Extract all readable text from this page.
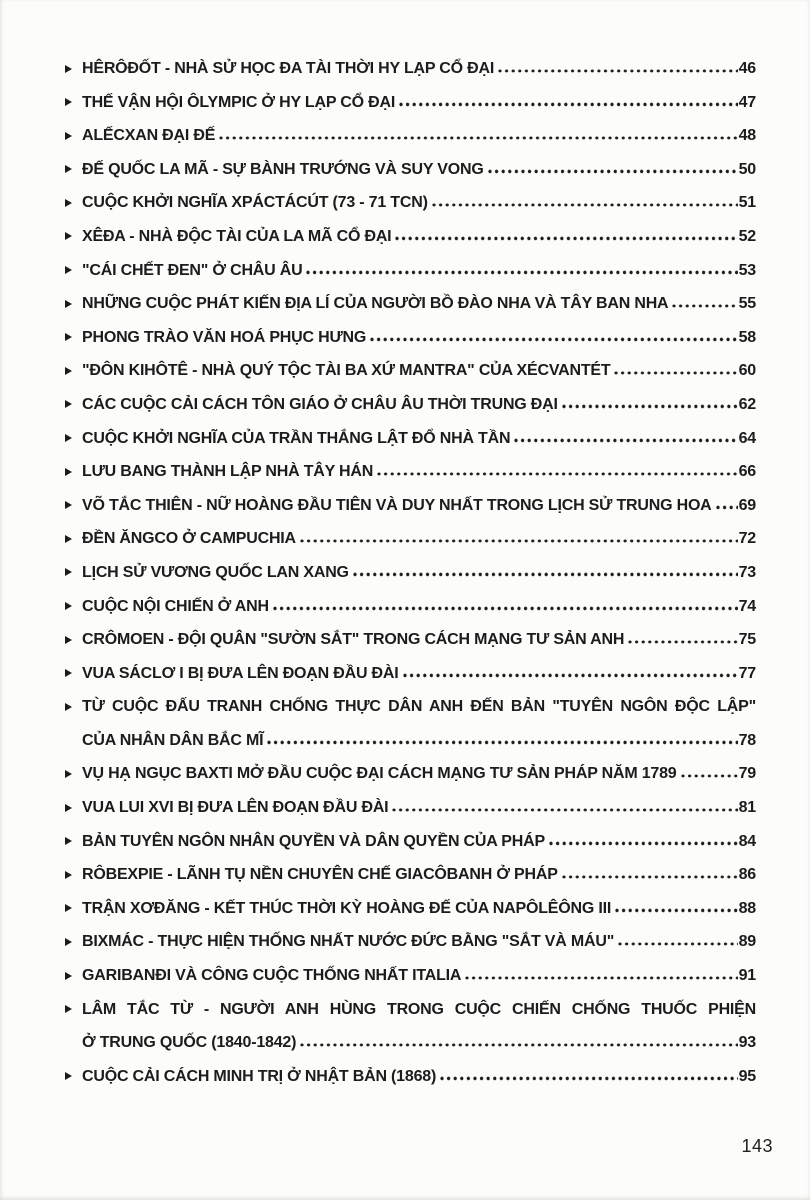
HÊRÔĐỐT - NHÀ SỬ HỌC ĐA TÀI THỜI HY LẠP CỔ ĐẠI	46
THẾ VẬN HỘI ÔLYMPIC Ở HY LẠP CỔ ĐẠI	47
ALẾCXAN ĐẠI ĐẾ	48
ĐẾ QUỐC LA MÃ - SỰ BÀNH TRƯỚNG VÀ SUY VONG	50
CUỘC KHỞI NGHĨA XPÁCTÁCÚT (73 - 71 TCN)	51
XÊĐA - NHÀ ĐỘC TÀI CỦA LA MÃ CỔ ĐẠI	52
"CÁI CHẾT ĐEN" Ở CHÂU ÂU	53
NHỮNG CUỘC PHÁT KIẾN ĐỊA LÍ CỦA NGƯỜI BỒ ĐÀO NHA VÀ TÂY BAN NHA	55
PHONG TRÀO VĂN HOÁ PHỤC HƯNG	58
"ĐÔN KIHÔTÊ - NHÀ QUÝ TỘC TÀI BA XỨ MANTRA" CỦA XÉCVANTÉT	60
CÁC CUỘC CẢI CÁCH TÔN GIÁO Ở CHÂU ÂU THỜI TRUNG ĐẠI	62
CUỘC KHỞI NGHĨA CỦA TRẦN THẮNG LẬT ĐỔ NHÀ TẦN	64
LƯU BANG THÀNH LẬP NHÀ TÂY HÁN	66
VÕ TẮC THIÊN - NỮ HOÀNG ĐẦU TIÊN VÀ DUY NHẤT TRONG LỊCH SỬ TRUNG HOA 69
ĐỀN ĂNGCO Ở CAMPUCHIA	72
LỊCH SỬ VƯƠNG QUỐC LAN XANG	73
CUỘC NỘI CHIẾN Ở ANH	74
CRÔMOEN - ĐỘI QUÂN "SƯỜN SẮT" TRONG CÁCH MẠNG TƯ SẢN ANH	75
VUA SÁCLƠ I BỊ ĐƯA LÊN ĐOẠN ĐẦU ĐÀI	77
TỪ CUỘC ĐẤU TRANH CHỐNG THỰC DÂN ANH ĐẾN BẢN "TUYÊN NGÔN ĐỘC LẬP"
CỦA NHÂN DÂN BẮC MĨ	78
VỤ HẠ NGỤC BAXTI MỞ ĐẦU CUỘC ĐẠI CÁCH MẠNG TƯ SẢN PHÁP NĂM 1789	79
VUA LUI XVI BỊ ĐƯA LÊN ĐOẠN ĐẦU ĐÀI	81
BẢN TUYÊN NGÔN NHÂN QUYỀN VÀ DÂN QUYỀN CỦA PHÁP	84
RÔBEXPIE - LÃNH TỤ NỀN CHUYÊN CHẾ GIACÔBANH Ở PHÁP	86
TRẬN XƠĐĂNG - KẾT THÚC THỜI KỲ HOÀNG ĐẾ CỦA NAPÔLÊÔNG III	88
BIXMÁC - THỰC HIỆN THỐNG NHẤT NƯỚC ĐỨC BẰNG "SẮT VÀ MÁU"	89
GARIBANĐI VÀ CÔNG CUỘC THỐNG NHẤT ITALIA	91
LÂM TẮC TỪ - NGƯỜI ANH HÙNG TRONG CUỘC CHIẾN CHỐNG THUỐC PHIỆN
Ở TRUNG QUỐC (1840-1842)	93
CUỘC CẢI CÁCH MINH TRỊ Ở NHẬT BẢN (1868)	95
143
